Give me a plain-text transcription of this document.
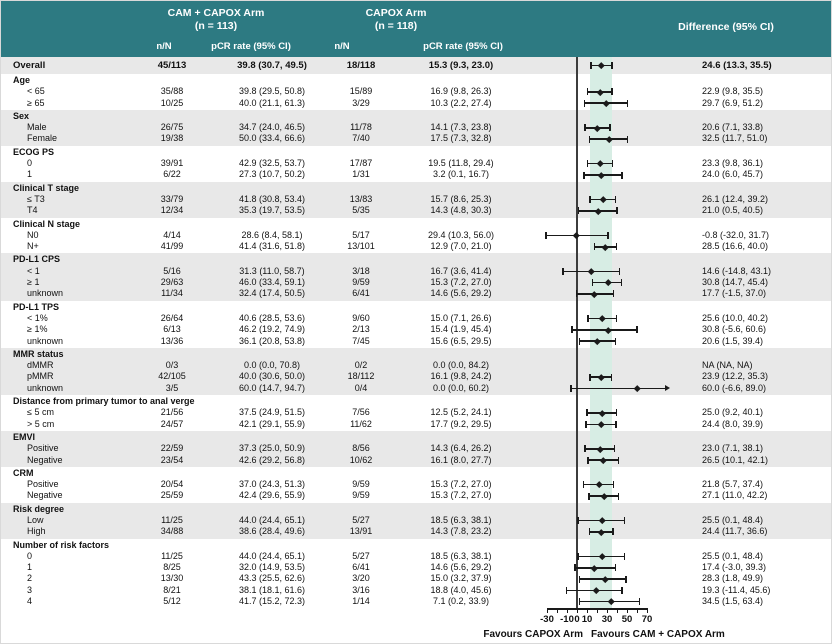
CAM + CAPOX Arm
(n = 113)
CAPOX Arm
(n = 118)	Difference (95% CI)
n/N	pCR rate (95% CI)	n/N	pCR rate (95% CI)
Overall	45/113	39.8 (30.7, 49.5)	18/118	15.3 (9.3, 23.0)	24.6 (13.3, 35.5)
Age
< 65	35/88	39.8 (29.5, 50.8)	15/89	16.9 (9.8, 26.3)	22.9 (9.8, 35.5)
≥ 65	10/25	40.0 (21.1, 61.3)	3/29	10.3 (2.2, 27.4)	29.7 (6.9, 51.2)
Sex
Male	26/75	34.7 (24.0, 46.5)	11/78	14.1 (7.3, 23.8)	20.6 (7.1, 33.8)
Female	19/38	50.0 (33.4, 66.6)	7/40	17.5 (7.3, 32.8)	32.5 (11.7, 51.0)
ECOG PS
0	39/91	42.9 (32.5, 53.7)	17/87	19.5 (11.8, 29.4)	23.3 (9.8, 36.1)
1	6/22	27.3 (10.7, 50.2)	1/31	3.2 (0.1, 16.7)	24.0 (6.0, 45.7)
Clinical T stage
≤ T3	33/79	41.8 (30.8, 53.4)	13/83	15.7 (8.6, 25.3)	26.1 (12.4, 39.2)
T4	12/34	35.3 (19.7, 53.5)	5/35	14.3 (4.8, 30.3)	21.0 (0.5, 40.5)
Clinical N stage
N0	4/14	28.6 (8.4, 58.1)	5/17	29.4 (10.3, 56.0)	-0.8 (-32.0, 31.7)
N+	41/99	41.4 (31.6, 51.8)	13/101	12.9 (7.0, 21.0)	28.5 (16.6, 40.0)
PD-L1 CPS
< 1	5/16	31.3 (11.0, 58.7)	3/18	16.7 (3.6, 41.4)	14.6 (-14.8, 43.1)
≥ 1	29/63	46.0 (33.4, 59.1)	9/59	15.3 (7.2, 27.0)	30.8 (14.7, 45.4)
unknown	11/34	32.4 (17.4, 50.5)	6/41	14.6 (5.6, 29.2)	17.7 (-1.5, 37.0)
PD-L1 TPS
< 1%	26/64	40.6 (28.5, 53.6)	9/60	15.0 (7.1, 26.6)	25.6 (10.0, 40.2)
≥ 1%	6/13	46.2 (19.2, 74.9)	2/13	15.4 (1.9, 45.4)	30.8 (-5.6, 60.6)
unknown	13/36	36.1 (20.8, 53.8)	7/45	15.6 (6.5, 29.5)	20.6 (1.5, 39.4)
MMR status
dMMR	0/3	0.0 (0.0, 70.8)	0/2	0.0 (0.0, 84.2)	NA (NA, NA)
pMMR	42/105	40.0 (30.6, 50.0)	18/112	16.1 (9.8, 24.2)	23.9 (12.2, 35.3)
unknown	3/5	60.0 (14.7, 94.7)	0/4	0.0 (0.0, 60.2)	60.0 (-6.6, 89.0)
Distance from primary tumor to anal verge
≤ 5 cm	21/56	37.5 (24.9, 51.5)	7/56	12.5 (5.2, 24.1)	25.0 (9.2, 40.1)
> 5 cm	24/57	42.1 (29.1, 55.9)	11/62	17.7 (9.2, 29.5)	24.4 (8.0, 39.9)
EMVI
Positive	22/59	37.3 (25.0, 50.9)	8/56	14.3 (6.4, 26.2)	23.0 (7.1, 38.1)
Negative	23/54	42.6 (29.2, 56.8)	10/62	16.1 (8.0, 27.7)	26.5 (10.1, 42.1)
CRM
Positive	20/54	37.0 (24.3, 51.3)	9/59	15.3 (7.2, 27.0)	21.8 (5.7, 37.4)
Negative	25/59	42.4 (29.6, 55.9)	9/59	15.3 (7.2, 27.0)	27.1 (11.0, 42.2)
Risk degree
Low	11/25	44.0 (24.4, 65.1)	5/27	18.5 (6.3, 38.1)	25.5 (0.1, 48.4)
High	34/88	38.6 (28.4, 49.6)	13/91	14.3 (7.8, 23.2)	24.4 (11.7, 36.6)
Number of risk factors
0	11/25	44.0 (24.4, 65.1)	5/27	18.5 (6.3, 38.1)	25.5 (0.1, 48.4)
1	8/25	32.0 (14.9, 53.5)	6/41	14.6 (5.6, 29.2)	17.4 (-3.0, 39.3)
2	13/30	43.3 (25.5, 62.6)	3/20	15.0 (3.2, 37.9)	28.3 (1.8, 49.9)
3	8/21	38.1 (18.1, 61.6)	3/16	18.8 (4.0, 45.6)	19.3 (-11.4, 45.6)
4	5/12	41.7 (15.2, 72.3)	1/14	7.1 (0.2, 33.9)	34.5 (1.5, 63.4)
Favours CAPOX Arm Favours CAM + CAPOX Arm
-30 -10 0 10 30 50 70
